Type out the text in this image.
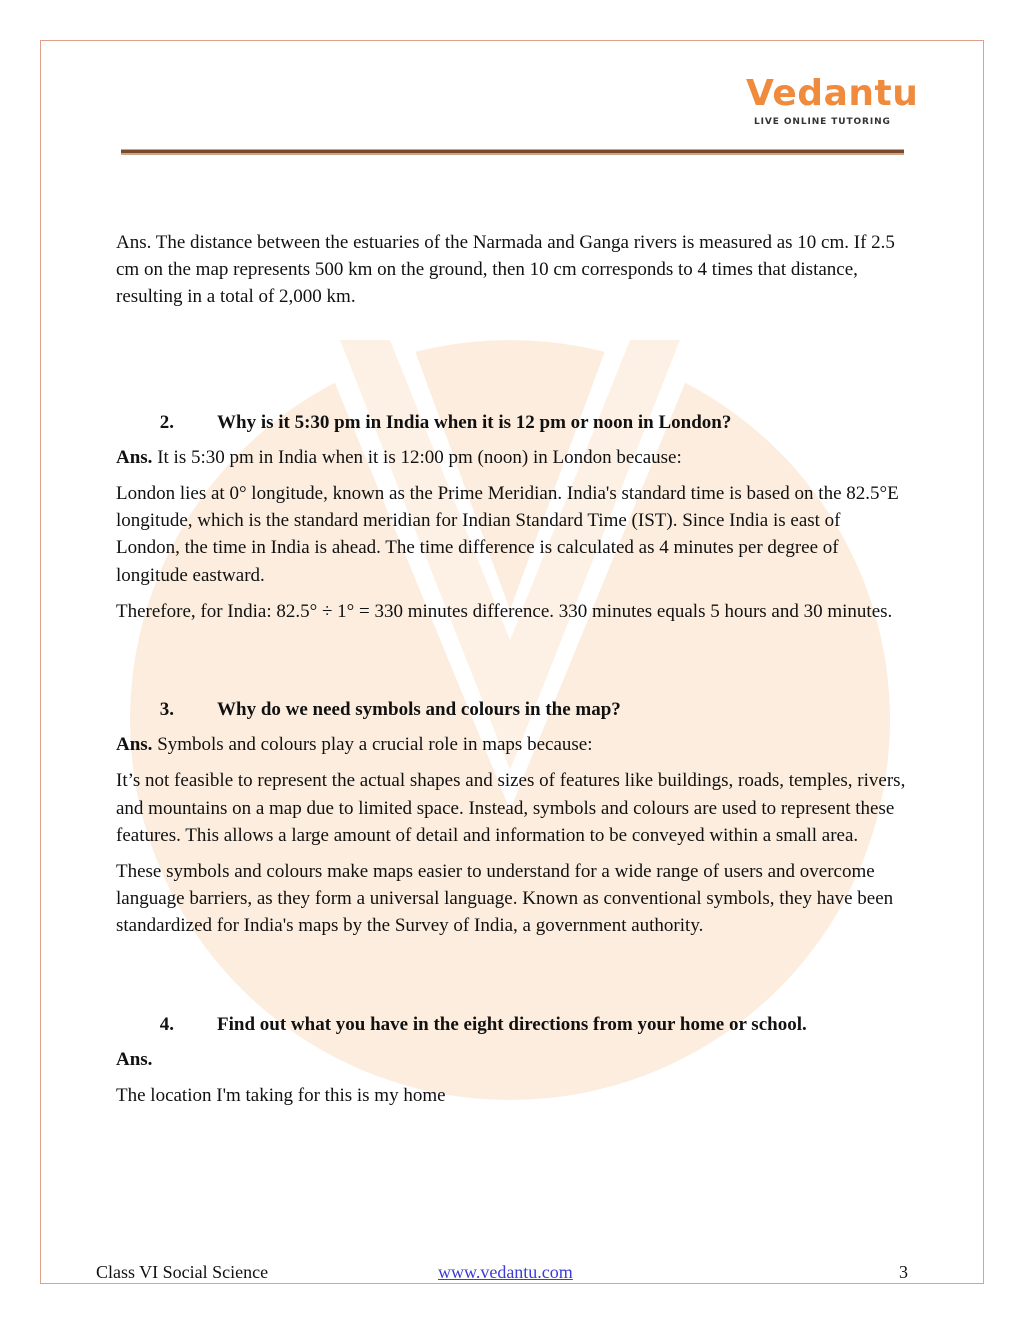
Vedantu
LIVE ONLINE TUTORING

Ans. The distance between the estuaries of the Narmada and Ganga rivers is measured as 10 cm. If 2.5 cm on the map represents 500 km on the ground, then 10 cm corresponds to 4 times that distance, resulting in a total of 2,000 km.

2.	Why is it 5:30 pm in India when it is 12 pm or noon in London?

Ans. It is 5:30 pm in India when it is 12:00 pm (noon) in London because:

London lies at 0° longitude, known as the Prime Meridian. India's standard time is based on the 82.5°E longitude, which is the standard meridian for Indian Standard Time (IST). Since India is east of London, the time in India is ahead. The time difference is calculated as 4 minutes per degree of longitude eastward.

Therefore, for India: 82.5° ÷ 1° = 330 minutes difference. 330 minutes equals 5 hours and 30 minutes.

3.	Why do we need symbols and colours in the map?

Ans. Symbols and colours play a crucial role in maps because:

It’s not feasible to represent the actual shapes and sizes of features like buildings, roads, temples, rivers, and mountains on a map due to limited space. Instead, symbols and colours are used to represent these features. This allows a large amount of detail and information to be conveyed within a small area.

These symbols and colours make maps easier to understand for a wide range of users and overcome language barriers, as they form a universal language. Known as conventional symbols, they have been standardized for India's maps by the Survey of India, a government authority.

4.	Find out what you have in the eight directions from your home or school.

Ans.

The location I'm taking for this is my home

Class VI Social Science	www.vedantu.com	3
